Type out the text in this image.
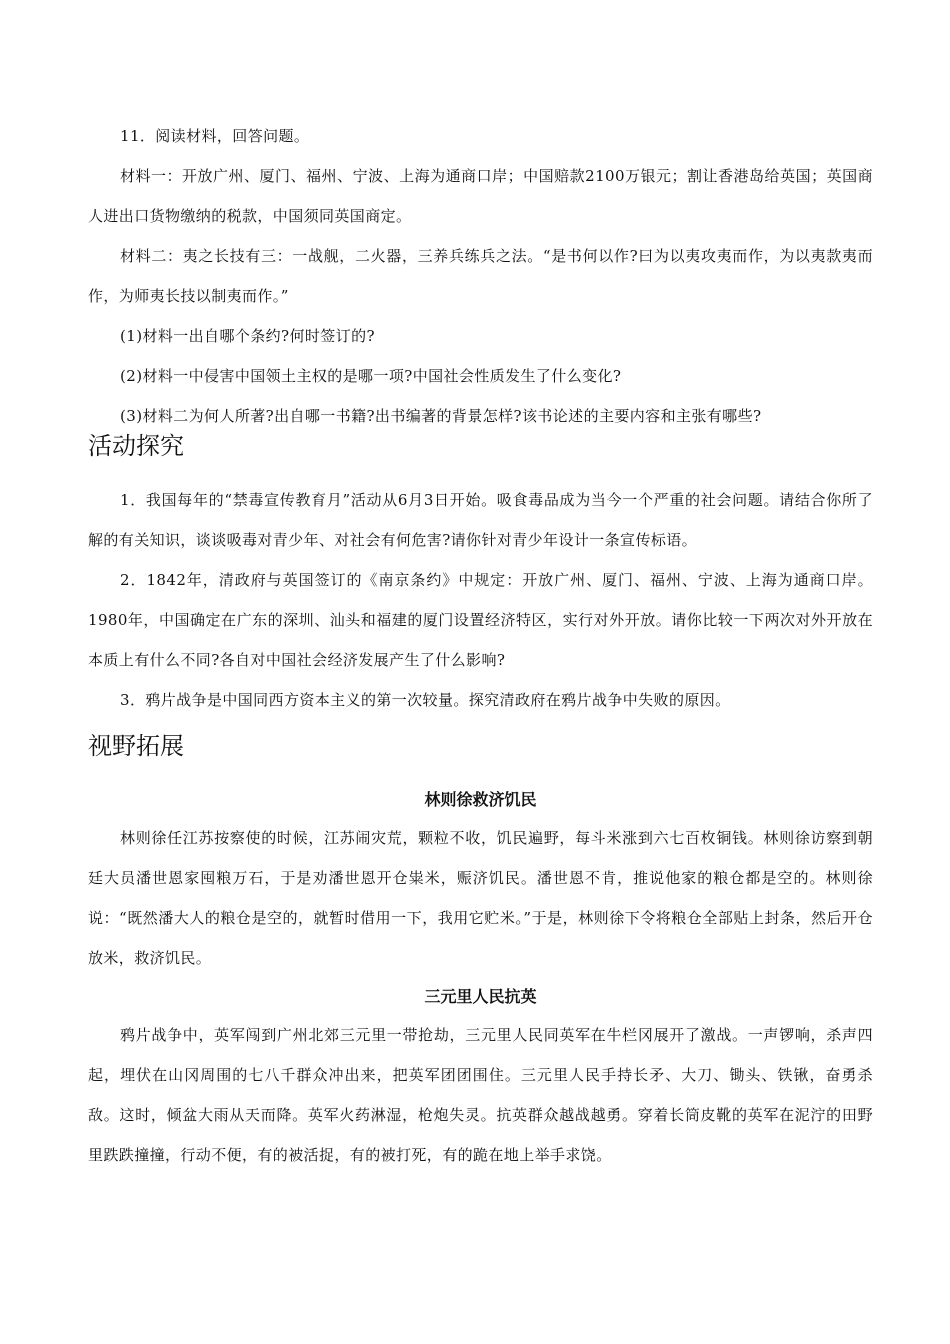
11．阅读材料，回答问题。

材料一：开放广州、厦门、福州、宁波、上海为通商口岸；中国赔款2100万银元；割让香港岛给英国；英国商人进出口货物缴纳的税款，中国须同英国商定。

材料二：夷之长技有三：一战舰，二火器，三养兵练兵之法。“是书何以作?曰为以夷攻夷而作，为以夷款夷而作，为师夷长技以制夷而作。”

(1)材料一出自哪个条约?何时签订的?

(2)材料一中侵害中国领土主权的是哪一项?中国社会性质发生了什么变化?

(3)材料二为何人所著?出自哪一书籍?出书编著的背景怎样?该书论述的主要内容和主张有哪些?

活动探究

1．我国每年的“禁毒宣传教育月”活动从6月3日开始。吸食毒品成为当今一个严重的社会问题。请结合你所了解的有关知识，谈谈吸毒对青少年、对社会有何危害?请你针对青少年设计一条宣传标语。

2．1842年，清政府与英国签订的《南京条约》中规定：开放广州、厦门、福州、宁波、上海为通商口岸。1980年，中国确定在广东的深圳、汕头和福建的厦门设置经济特区，实行对外开放。请你比较一下两次对外开放在本质上有什么不同?各自对中国社会经济发展产生了什么影响?

3．鸦片战争是中国同西方资本主义的第一次较量。探究清政府在鸦片战争中失败的原因。

视野拓展
林则徐救济饥民

林则徐任江苏按察使的时候，江苏闹灾荒，颗粒不收，饥民遍野，每斗米涨到六七百枚铜钱。林则徐访察到朝廷大员潘世恩家囤粮万石，于是劝潘世恩开仓粜米，赈济饥民。潘世恩不肯，推说他家的粮仓都是空的。林则徐说：“既然潘大人的粮仓是空的，就暂时借用一下，我用它贮米。”于是，林则徐下令将粮仓全部贴上封条，然后开仓放米，救济饥民。

三元里人民抗英

鸦片战争中，英军闯到广州北郊三元里一带抢劫，三元里人民同英军在牛栏冈展开了激战。一声锣响，杀声四起，埋伏在山冈周围的七八千群众冲出来，把英军团团围住。三元里人民手持长矛、大刀、锄头、铁锹，奋勇杀敌。这时，倾盆大雨从天而降。英军火药淋湿，枪炮失灵。抗英群众越战越勇。穿着长筒皮靴的英军在泥泞的田野里跌跌撞撞，行动不便，有的被活捉，有的被打死，有的跪在地上举手求饶。
